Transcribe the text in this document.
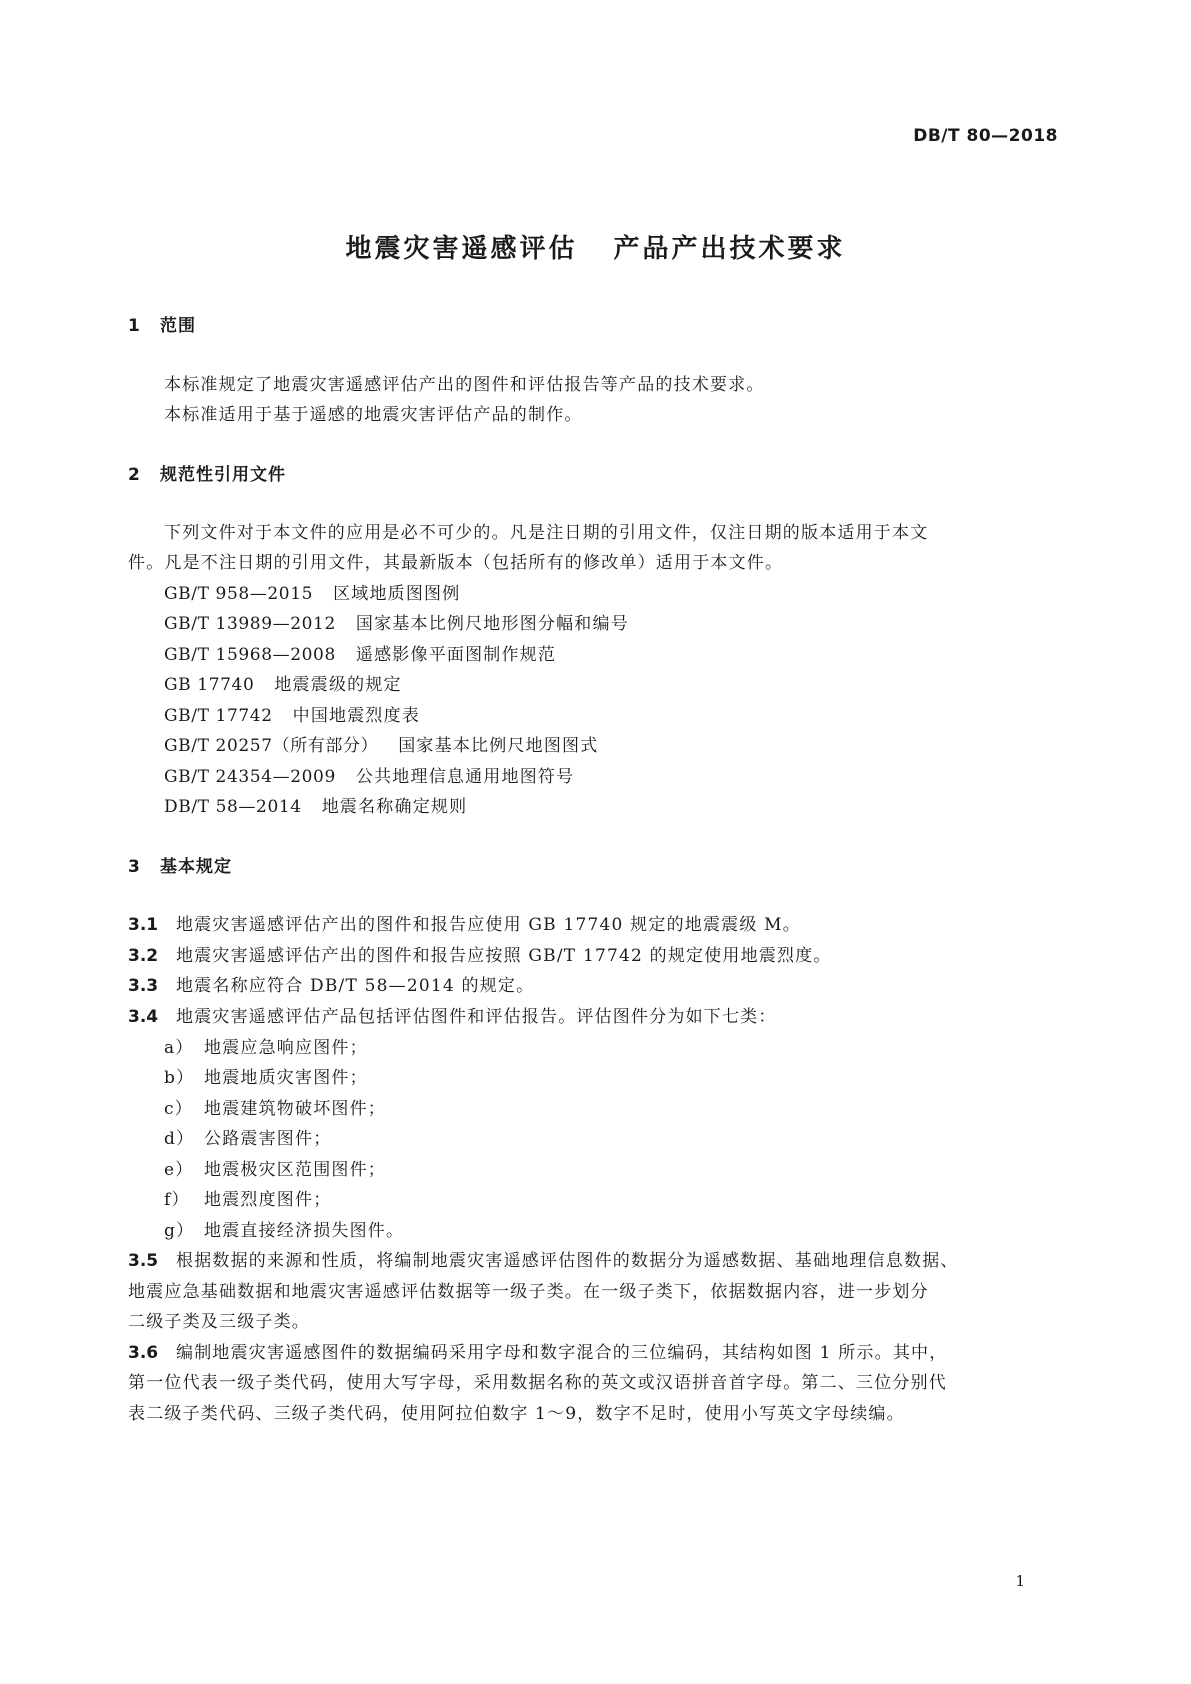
DB/T 80—2018
地震灾害遥感评估 产品产出技术要求
1 范围
本标准规定了地震灾害遥感评估产出的图件和评估报告等产品的技术要求。
本标准适用于基于遥感的地震灾害评估产品的制作。
2 规范性引用文件
下列文件对于本文件的应用是必不可少的。凡是注日期的引用文件，仅注日期的版本适用于本文
件。凡是不注日期的引用文件，其最新版本（包括所有的修改单）适用于本文件。
GB/T 958—2015 区域地质图图例
GB/T 13989—2012 国家基本比例尺地形图分幅和编号
GB/T 15968—2008 遥感影像平面图制作规范
GB 17740 地震震级的规定
GB/T 17742 中国地震烈度表
GB/T 20257（所有部分） 国家基本比例尺地图图式
GB/T 24354—2009 公共地理信息通用地图符号
DB/T 58—2014 地震名称确定规则
3 基本规定
3.1 地震灾害遥感评估产出的图件和报告应使用 GB 17740 规定的地震震级 M。
3.2 地震灾害遥感评估产出的图件和报告应按照 GB/T 17742 的规定使用地震烈度。
3.3 地震名称应符合 DB/T 58—2014 的规定。
3.4 地震灾害遥感评估产品包括评估图件和评估报告。评估图件分为如下七类：
a） 地震应急响应图件；
b） 地震地质灾害图件；
c） 地震建筑物破坏图件；
d） 公路震害图件；
e） 地震极灾区范围图件；
f） 地震烈度图件；
g） 地震直接经济损失图件。
3.5 根据数据的来源和性质，将编制地震灾害遥感评估图件的数据分为遥感数据、基础地理信息数据、
地震应急基础数据和地震灾害遥感评估数据等一级子类。在一级子类下，依据数据内容，进一步划分
二级子类及三级子类。
3.6 编制地震灾害遥感图件的数据编码采用字母和数字混合的三位编码，其结构如图 1 所示。其中，
第一位代表一级子类代码，使用大写字母，采用数据名称的英文或汉语拼音首字母。第二、三位分别代
表二级子类代码、三级子类代码，使用阿拉伯数字 1～9，数字不足时，使用小写英文字母续编。
1
